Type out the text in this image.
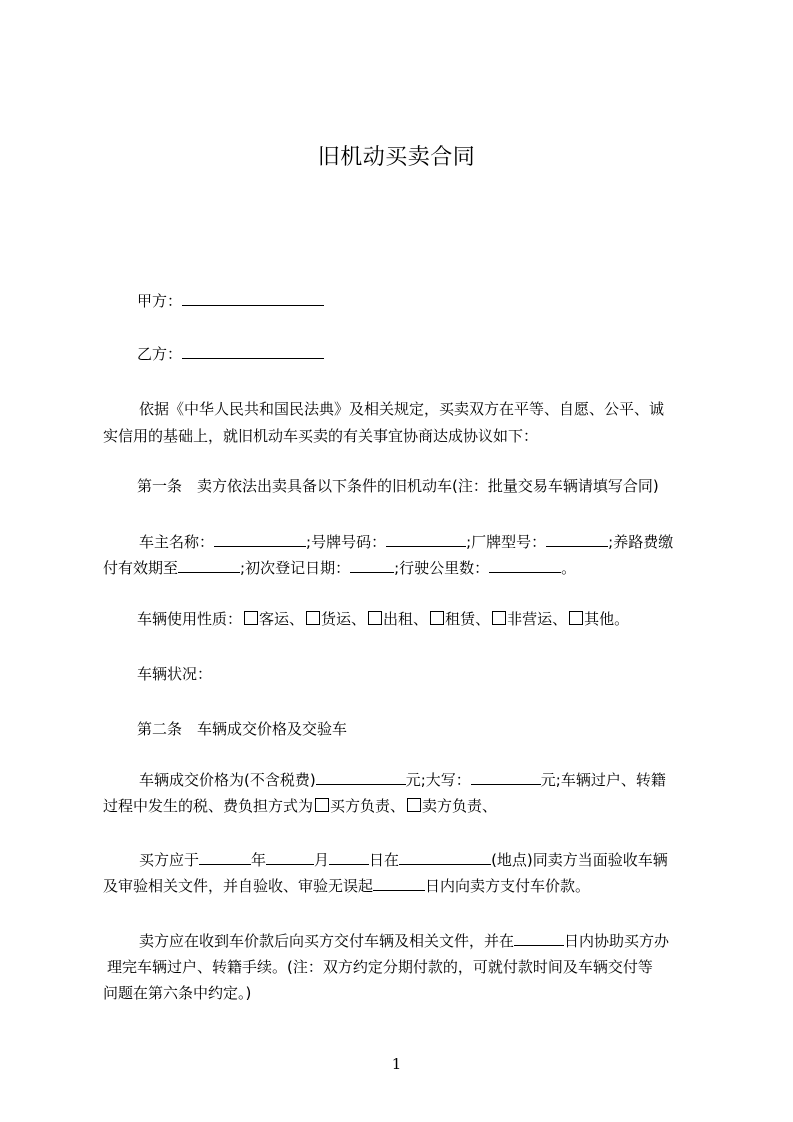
旧机动买卖合同
甲方：
乙方：
依据《中华人民共和国民法典》及相关规定，买卖双方在平等、自愿、公平、诚
实信用的基础上，就旧机动车买卖的有关事宜协商达成协议如下：
第一条　卖方依法出卖具备以下条件的旧机动车(注：批量交易车辆请填写合同)
车主名称：	;号牌号码：	;厂牌型号：	;养路费缴
付有效期至	;初次登记日期：	;行驶公里数：	。
车辆使用性质： 客运、 货运、 出租、 租赁、 非营运、 其他。
车辆状况：
第二条　车辆成交价格及交验车
车辆成交价格为(不含税费)	元;大写：	元;车辆过户、转籍
过程中发生的税、费负担方式为 买方负责、 卖方负责、
买方应于	年	月	日在	(地点)同卖方当面验收车辆
及审验相关文件，并自验收、审验无误起	日内向卖方支付车价款。
卖方应在收到车价款后向买方交付车辆及相关文件，并在	日内协助买方办
理完车辆过户、转籍手续。(注：双方约定分期付款的，可就付款时间及车辆交付等
问题在第六条中约定。)
1
